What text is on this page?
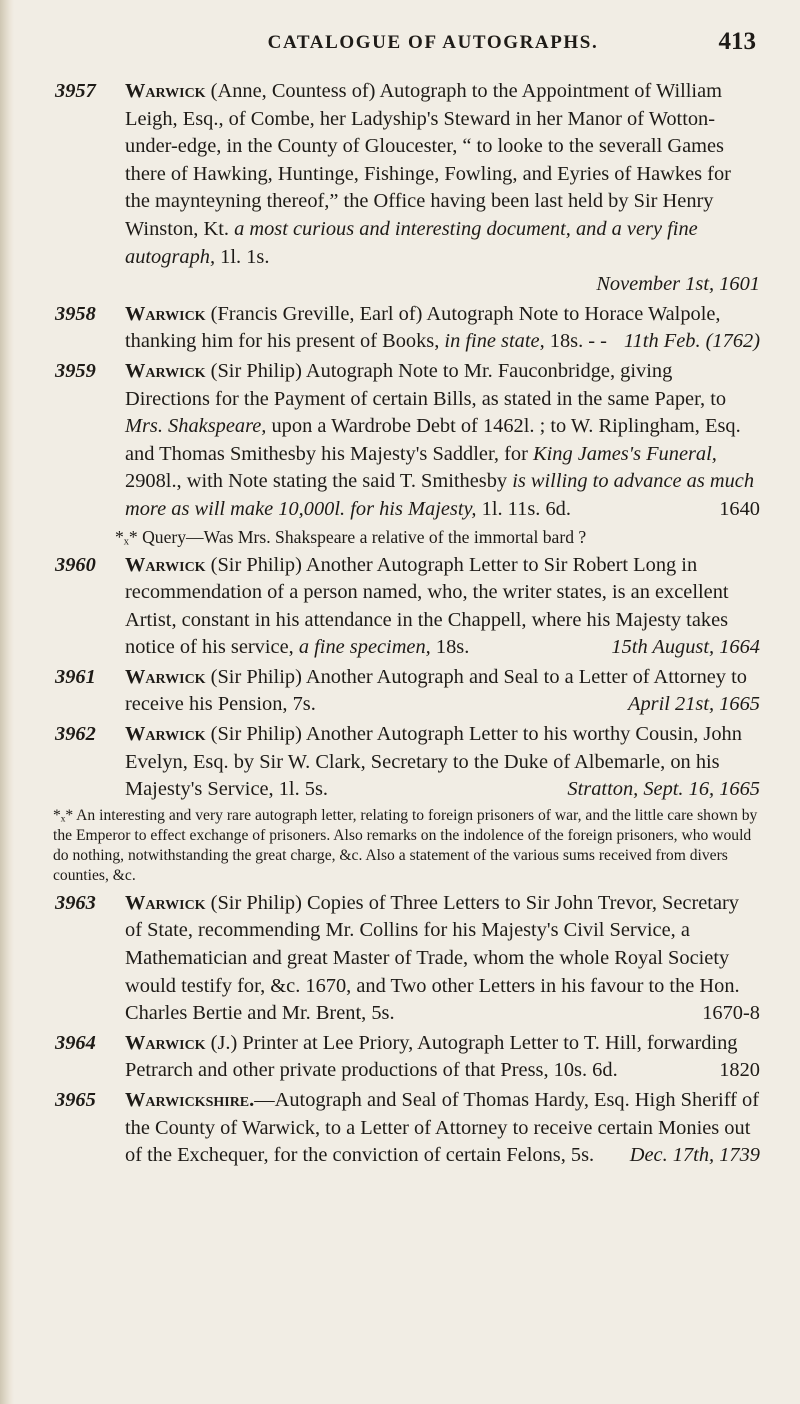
CATALOGUE OF AUTOGRAPHS.	413
3957 Warwick (Anne, Countess of) Autograph to the Appointment of William Leigh, Esq., of Combe, her Ladyship's Steward in her Manor of Wotton-under-edge, in the County of Gloucester, “ to looke to the severall Games there of Hawking, Huntinge, Fishinge, Fowling, and Eyries of Hawkes for the maynteyning thereof,” the Office having been last held by Sir Henry Winston, Kt. a most curious and interesting document, and a very fine autograph, 1l. 1s.
November 1st, 1601
3958 Warwick (Francis Greville, Earl of) Autograph Note to Horace Walpole, thanking him for his present of Books, in fine state, 18s. - - 11th Feb. (1762)
3959 Warwick (Sir Philip) Autograph Note to Mr. Fauconbridge, giving Directions for the Payment of certain Bills, as stated in the same Paper, to Mrs. Shakspeare, upon a Wardrobe Debt of 1462l. ; to W. Riplingham, Esq. and Thomas Smithesby his Majesty's Saddler, for King James's Funeral, 2908l., with Note stating the said T. Smithesby is willing to advance as much more as will make 10,000l. for his Majesty, 1l. 11s. 6d.	1640
*ₓ* Query—Was Mrs. Shakspeare a relative of the immortal bard ?
3960 Warwick (Sir Philip) Another Autograph Letter to Sir Robert Long in recommendation of a person named, who, the writer states, is an excellent Artist, constant in his attendance in the Chappell, where his Majesty takes notice of his service, a fine specimen, 18s.	15th August, 1664
3961 Warwick (Sir Philip) Another Autograph and Seal to a Letter of Attorney to receive his Pension, 7s.	April 21st, 1665
3962 Warwick (Sir Philip) Another Autograph Letter to his worthy Cousin, John Evelyn, Esq. by Sir W. Clark, Secretary to the Duke of Albemarle, on his Majesty's Service, 1l. 5s.	Stratton, Sept. 16, 1665
*ₓ* An interesting and very rare autograph letter, relating to foreign prisoners of war, and the little care shown by the Emperor to effect exchange of prisoners. Also remarks on the indolence of the foreign prisoners, who would do nothing, notwithstanding the great charge, &c. Also a statement of the various sums received from divers counties, &c.
3963 Warwick (Sir Philip) Copies of Three Letters to Sir John Trevor, Secretary of State, recommending Mr. Collins for his Majesty's Civil Service, a Mathematician and great Master of Trade, whom the whole Royal Society would testify for, &c. 1670, and Two other Letters in his favour to the Hon. Charles Bertie and Mr. Brent, 5s.	1670-8
3964 Warwick (J.) Printer at Lee Priory, Autograph Letter to T. Hill, forwarding Petrarch and other private productions of that Press, 10s. 6d.	1820
3965 Warwickshire.—Autograph and Seal of Thomas Hardy, Esq. High Sheriff of the County of Warwick, to a Letter of Attorney to receive certain Monies out of the Exchequer, for the conviction of certain Felons, 5s. Dec. 17th, 1739
